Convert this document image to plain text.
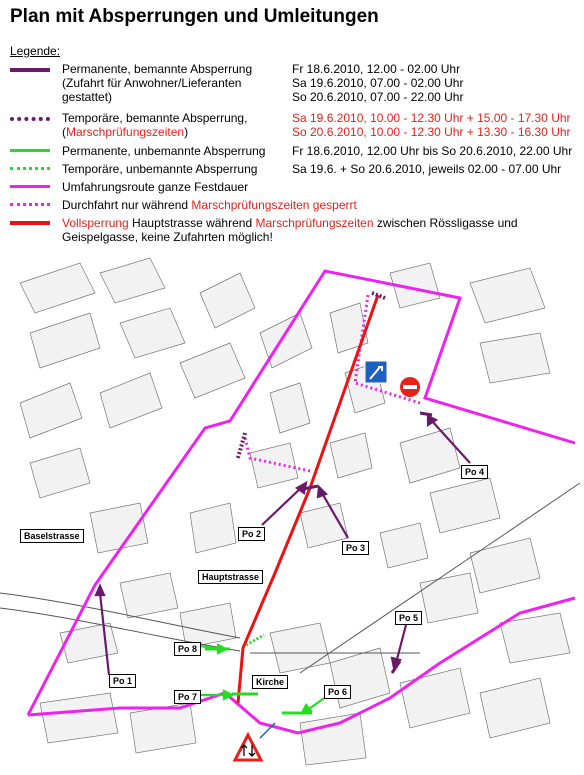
Plan mit Absperrungen und Umleitungen
Legende:
Permanente, bemannte Absperrung
(Zufahrt für Anwohner/Lieferanten
gestattet)
Fr 18.6.2010, 12.00 - 02.00 Uhr
Sa 19.6.2010, 07.00 - 02.00 Uhr
So 20.6.2010, 07.00 - 22.00 Uhr
Temporäre, bemannte Absperrung,
(Marschprüfungszeiten)
Sa 19.6.2010, 10.00 - 12.30 Uhr + 15.00 - 17.30 Uhr
So 20.6.2010, 10.00 - 12.30 Uhr + 13.30 - 16.30 Uhr
Permanente, unbemannte Absperrung Fr 18.6.2010, 12.00 Uhr bis So 20.6.2010, 22.00 Uhr
Temporäre, unbemannte Absperrung	Sa 19.6. + So 20.6.2010, jeweils 02.00 - 07.00 Uhr
Umfahrungsroute ganze Festdauer
Durchfahrt nur während Marschprüfungszeiten gesperrt
Vollsperrung Hauptstrasse während Marschprüfungszeiten zwischen Rössligasse und
Geispelgasse, keine Zufahrten möglich!
Baselstrasse
Hauptstrasse
Kirche
Po 1
Po 2
Po 3
Po 4
Po 5
Po 6
Po 7
Po 8
